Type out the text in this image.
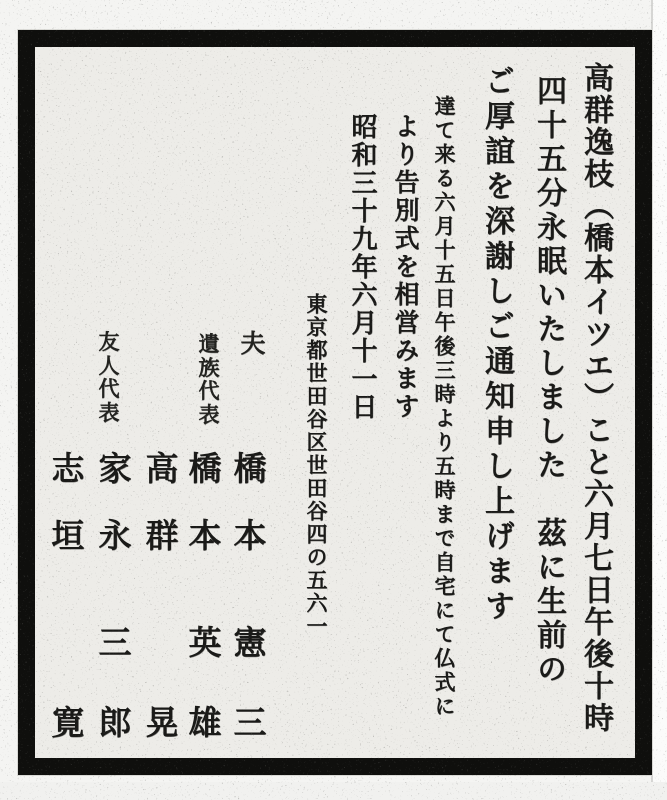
高群逸枝（橋本イツエ）こと六月七日午後十時
四十五分永眠いたしました　茲に生前の
ご厚誼を深謝しご通知申し上げます
達て来る六月十五日午後三時より五時まで自宅にて仏式に
より告別式を相営みます
昭和三十九年六月十一日
東京都世田谷区世田谷四の五六一
夫
遺
族
代
表
友
人
代
表
橋
本
憲
三
橋
本
英
雄
高
群
晃
家
永
三
郎
志
垣
寛
